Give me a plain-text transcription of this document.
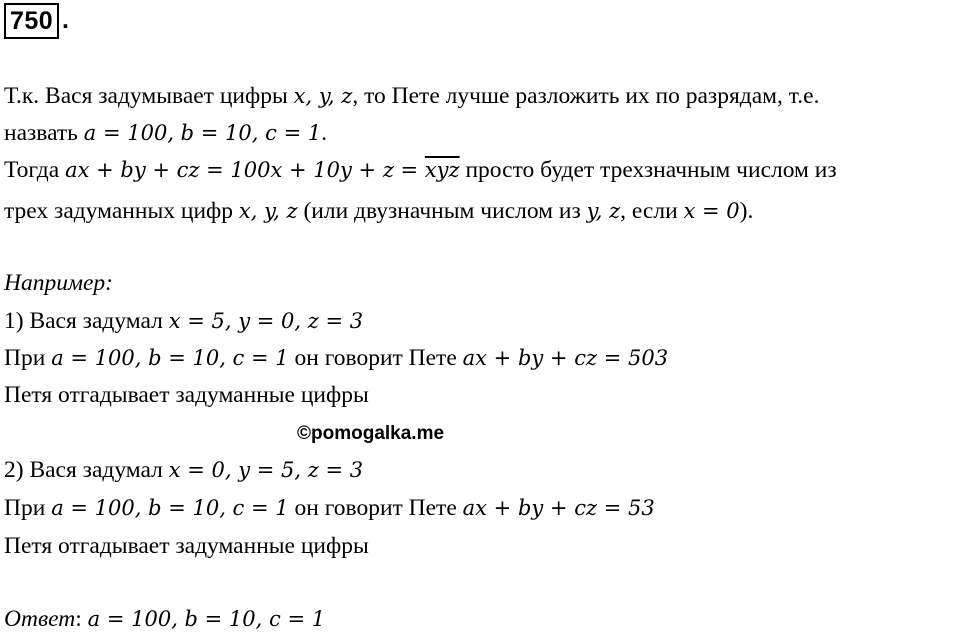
750 .
Т.к. Вася задумывает цифры x, y, z, то Пете лучше разложить их по разрядам, т.е.
назвать a = 100, b = 10, c = 1.
Тогда ax + by + cz = $100x + 10y + z = \overline{xyz}$ просто будет трехзначным числом из
трех задуманных цифр x, y, z (или двузначным числом из y, z, если x = 0).
Например:
1) Вася задумал x = 5, y = 0, z = 3
При a = 100, b = 10, c = 1 он говорит Пете ax + by + cz = 503
Петя отгадывает задуманные цифры
©pomogalka.me
2) Вася задумал x = 0, y = 5, z = 3
При a = 100, b = 10, c = 1 он говорит Пете ax + by + cz = 53
Петя отгадывает задуманные цифры
Ответ: a = 100, b = 10, c = 1
